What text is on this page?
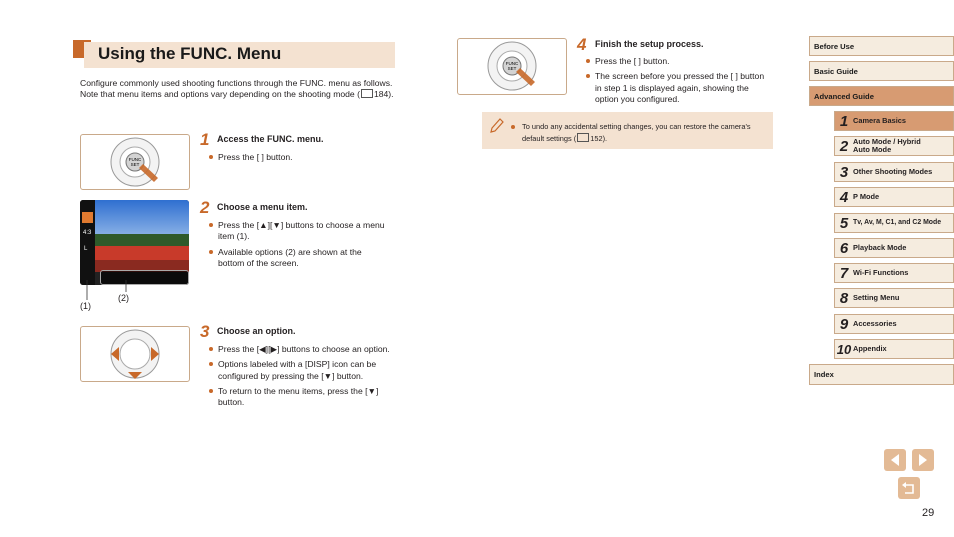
Using the FUNC. Menu

Configure commonly used shooting functions through the FUNC. menu as follows.

Note that menu items and options vary depending on the shooting mode ( 184).

FUNC
SET
1 Access the FUNC. menu.
Press the [ ] button.
4:3
L
(1)
(2)
2 Choose a menu item.
Press the [▲][▼] buttons to choose a menu item (1).
Available options (2) are shown at the bottom of the screen.
3 Choose an option.
Press the [◀][▶] buttons to choose an option.
Options labeled with a [DISP] icon can be configured by pressing the [▼] button.
To return to the menu items, press the [▼] button.
FUNC
SET
4 Finish the setup process.
Press the [ ] button.
The screen before you pressed the [ ] button in step 1 is displayed again, showing the option you configured.
To undo any accidental setting changes, you can restore the camera's default settings ( 152).
Before Use
Basic Guide
Advanced Guide
1 Camera Basics
2 Auto Mode / Hybrid Auto Mode
3 Other Shooting Modes
4 P Mode
5 Tv, Av, M, C1, and C2 Mode
6 Playback Mode
7 Wi-Fi Functions
8 Setting Menu
9 Accessories
10 Appendix
Index
29
